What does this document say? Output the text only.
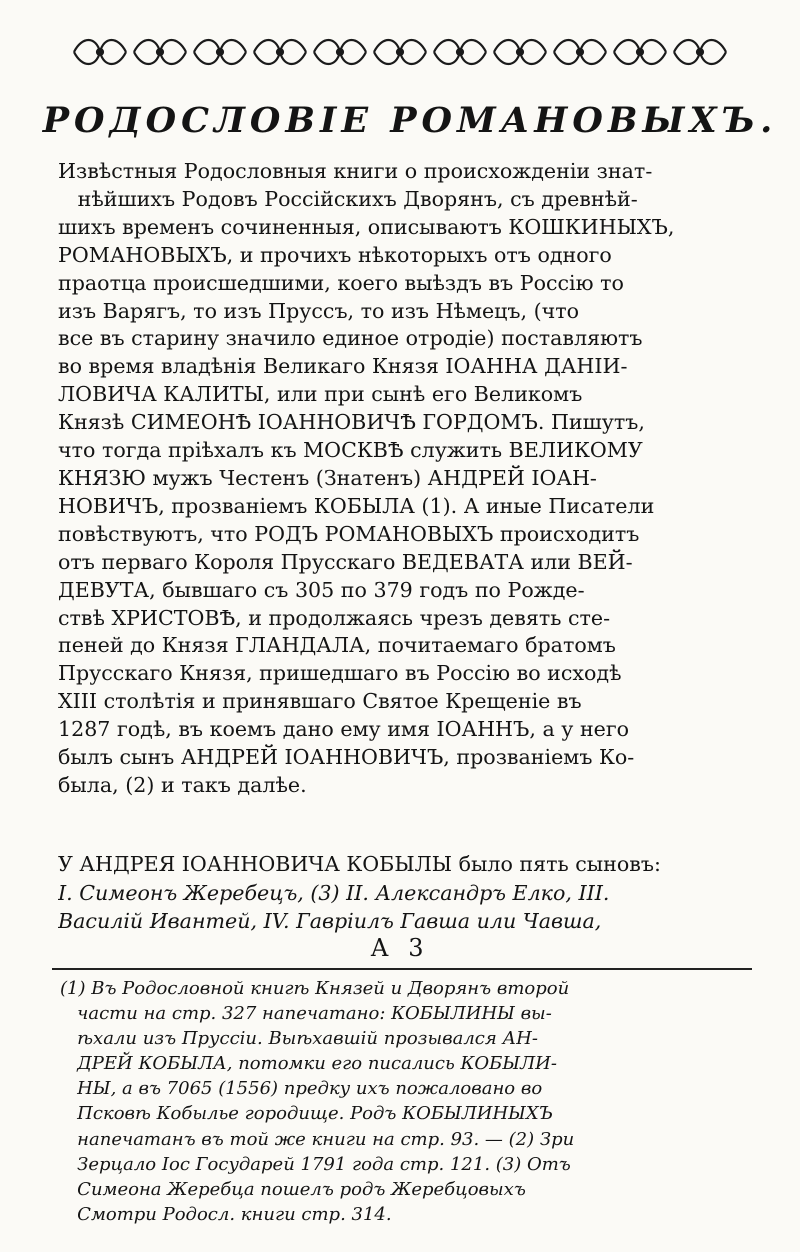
РОДОСЛОВІЕ РОМАНОВЫХЪ.
Извѣстныя Родословныя книги о происхожденіи знат-
нѣйшихъ Родовъ Россійскихъ Дворянъ, съ древнѣй-
шихъ временъ сочиненныя, описываютъ КОШКИНЫХЪ,
РОМАНОВЫХЪ, и прочихъ нѣкоторыхъ отъ одного
праотца происшедшими, коего выѣздъ въ Россію то
изъ Варягъ, то изъ Пруссъ, то изъ Нѣмецъ, (что
все въ старину значило единое отродіе) поставляютъ
во время владѣнія Великаго Князя ІОАННА ДАНІИ-
ЛОВИЧА КАЛИТЫ, или при сынѣ его Великомъ
Князѣ СИМЕОНѢ ІОАННОВИЧѢ ГОРДОМЪ. Пишутъ,
что тогда пріѣхалъ къ МОСКВѢ служить ВЕЛИКОМУ
КНЯЗЮ мужъ Честенъ (Знатенъ) АНДРЕЙ ІОАН-
НОВИЧЪ, прозваніемъ КОБЫЛА (1). А иные Писатели
повѣствуютъ, что РОДЪ РОМАНОВЫХЪ происходитъ
отъ перваго Короля Прусскаго ВЕДЕВАТА или ВЕЙ-
ДЕВУТА, бывшаго съ 305 по 379 годъ по Рожде-
ствѣ ХРИСТОВѢ, и продолжаясь чрезъ девять сте-
пеней до Князя ГЛАНДАЛА, почитаемаго братомъ
Прусскаго Князя, пришедшаго въ Россію во исходѣ
XIII столѣтія и принявшаго Святое Крещеніе въ
1287 годѣ, въ коемъ дано ему имя ІОАННЪ, а у него
былъ сынъ АНДРЕЙ ІОАННОВИЧЪ, прозваніемъ Ко-
была, (2) и такъ далѣе.
У АНДРЕЯ ІОАННОВИЧА КОБЫЛЫ было пять сыновъ:
І. Симеонъ Жеребецъ, (3) II. Александръ Елко, III.
Василій Ивантей, IV. Гавріилъ Гавша или Чавша,
А 3
(1) Въ Родословной книгѣ Князей и Дворянъ второй
части на стр. 327 напечатано: КОБЫЛИНЫ вы-
ѣхали изъ Пруссіи. Выѣхавшій прозывался АН-
ДРЕЙ КОБЫЛА, потомки его писались КОБЫЛИ-
НЫ, а въ 7065 (1556) предку ихъ пожаловано во
Псковѣ Кобылье городище. Родъ КОБЫЛИНЫХЪ
напечатанъ въ той же книги на стр. 93. — (2) Зри
Зерцало Іос Государей 1791 года стр. 121. (3) Отъ
Симеона Жеребца пошелъ родъ Жеребцовыхъ
Смотри Родосл. книги стр. 314.
